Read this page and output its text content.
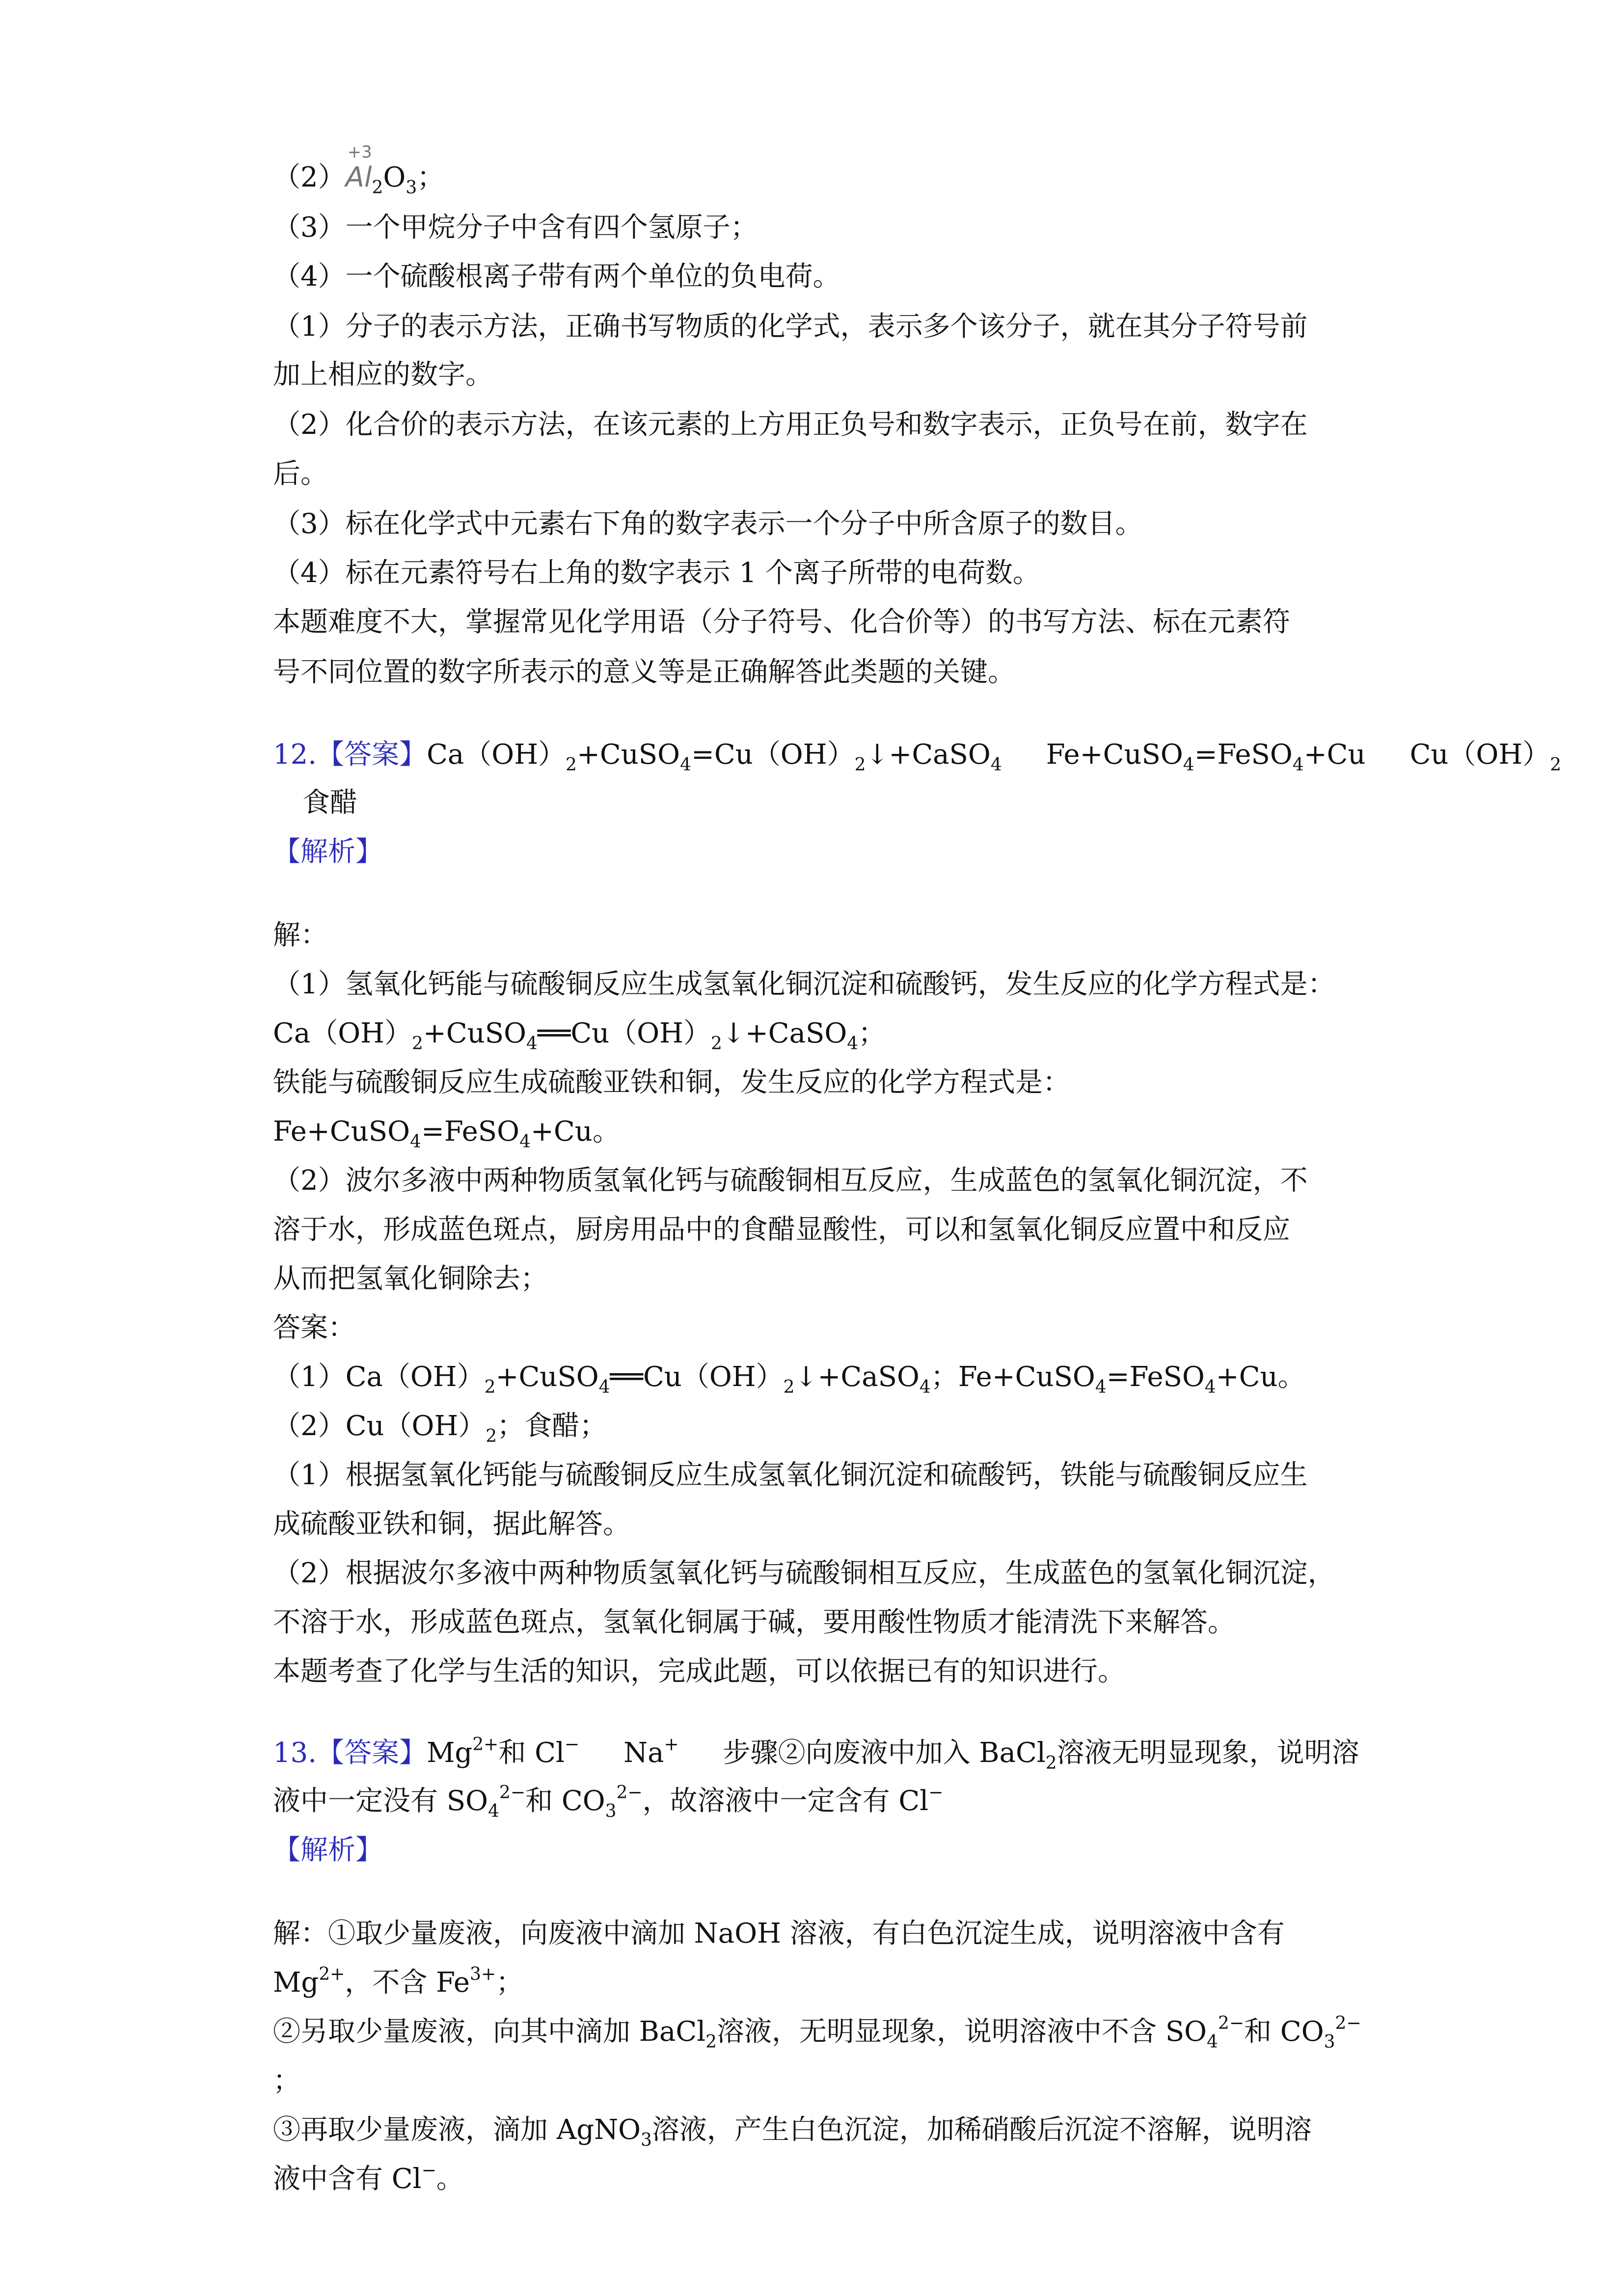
（2）
+3
$Al_2O_3$；
（3）一个甲烷分子中含有四个氢原子；
（4）一个硫酸根离子带有两个单位的负电荷。
（1）分子的表示方法，正确书写物质的化学式，表示多个该分子，就在其分子符号前
加上相应的数字。
（2）化合价的表示方法，在该元素的上方用正负号和数字表示，正负号在前，数字在
后。
（3）标在化学式中元素右下角的数字表示一个分子中所含原子的数目。
（4）标在元素符号右上角的数字表示 1 个离子所带的电荷数。
本题难度不大，掌握常见化学用语（分子符号、化合价等）的书写方法、标在元素符
号不同位置的数字所表示的意义等是正确解答此类题的关键。
12.【答案】$Ca(OH)_2+CuSO_4=Cu(OH)_2↓+CaSO_4$ Fe+CuSO$_4$=FeSO$_4$+Cu $Cu(OH)_2$
食醋
【解析】
解：
（1）氢氧化钙能与硫酸铜反应生成氢氧化铜沉淀和硫酸钙，发生反应的化学方程式是：
$Ca(OH)_2+CuSO_4══Cu(OH)_2↓+CaSO_4$；
铁能与硫酸铜反应生成硫酸亚铁和铜，发生反应的化学方程式是：
Fe+CuSO$_4$=FeSO$_4$+Cu。
（2）波尔多液中两种物质氢氧化钙与硫酸铜相互反应，生成蓝色的氢氧化铜沉淀，不
溶于水，形成蓝色斑点，厨房用品中的食醋显酸性，可以和氢氧化铜反应置中和反应
从而把氢氧化铜除去；
答案：
$(1)Ca(OH)_2+CuSO_4══Cu(OH)_2↓+CaSO_4$；Fe+CuSO$_4$=FeSO$_4$+Cu。
$(2)Cu(OH)_2$；食醋；
（1）根据氢氧化钙能与硫酸铜反应生成氢氧化铜沉淀和硫酸钙，铁能与硫酸铜反应生
成硫酸亚铁和铜，据此解答。
（2）根据波尔多液中两种物质氢氧化钙与硫酸铜相互反应，生成蓝色的氢氧化铜沉淀，
不溶于水，形成蓝色斑点，氢氧化铜属于碱，要用酸性物质才能清洗下来解答。
本题考查了化学与生活的知识，完成此题，可以依据已有的知识进行。
13.【答案】$Mg^{2+}$和 Cl− Na+ 步骤②向废液中加入 BaCl$_2$溶液无明显现象，说明溶
液中一定没有 $SO_4^{2-}$和 $CO_3^{2-}$，故溶液中一定含有 Cl−
【解析】
解：①取少量废液，向废液中滴加 NaOH 溶液，有白色沉淀生成，说明溶液中含有
$Mg^{2+}$，不含 $Fe^{3+}$；
②另取少量废液，向其中滴加 BaCl$_2$溶液，无明显现象，说明溶液中不含 $SO_4^{2-}$和 $CO_3^{2-}$
；
③再取少量废液，滴加 AgNO$_3$溶液，产生白色沉淀，加稀硝酸后沉淀不溶解，说明溶
液中含有 Cl−。
